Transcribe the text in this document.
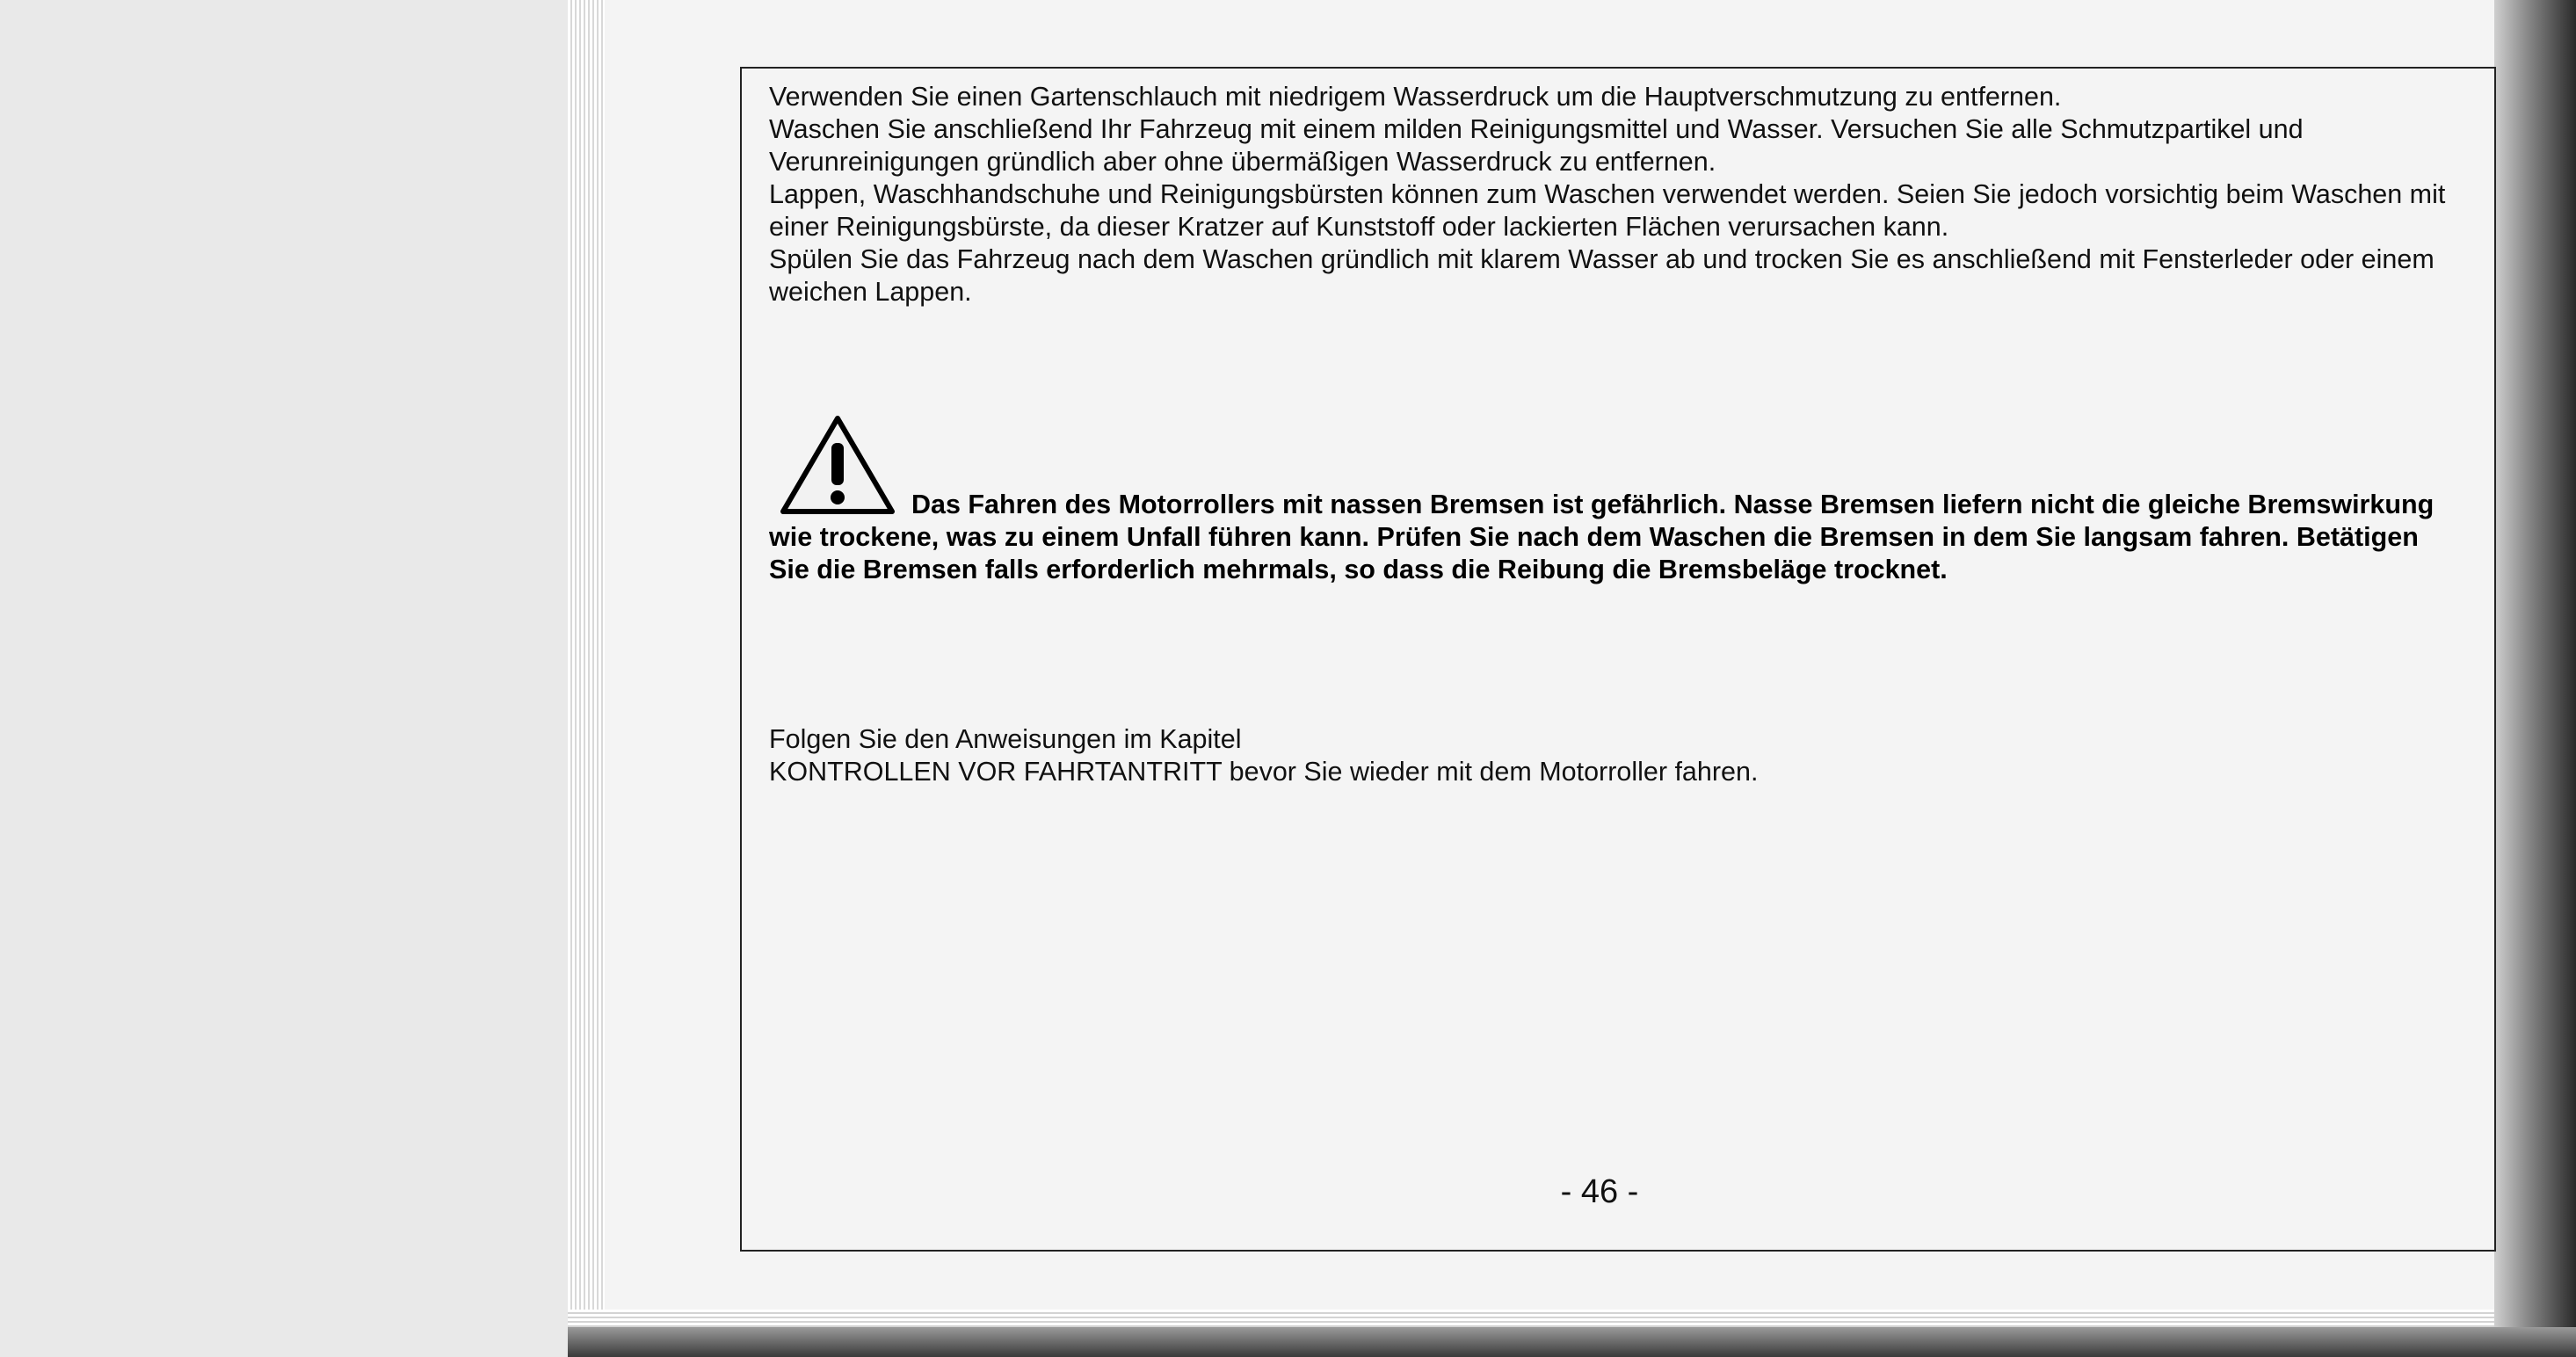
Verwenden Sie einen Gartenschlauch mit niedrigem Wasserdruck um die Hauptverschmutzung zu entfernen.

Waschen Sie anschließend Ihr Fahrzeug mit einem milden Reinigungsmittel und Wasser. Versuchen Sie alle Schmutzpartikel und Verunreinigungen gründlich aber ohne übermäßigen Wasserdruck zu entfernen.

Lappen, Waschhandschuhe und Reinigungsbürsten können zum Waschen verwendet werden. Seien Sie jedoch vorsichtig beim Waschen mit einer Reinigungsbürste, da dieser Kratzer auf Kunststoff oder lackierten Flächen verursachen kann.

Spülen Sie das Fahrzeug nach dem Waschen gründlich mit klarem Wasser ab und trocken Sie es anschließend mit Fensterleder oder einem weichen Lappen.

Das Fahren des Motorrollers mit nassen Bremsen ist gefährlich. Nasse Bremsen liefern nicht die gleiche Bremswirkung wie trockene, was zu einem Unfall führen kann. Prüfen Sie nach dem Waschen die Bremsen in dem Sie langsam fahren. Betätigen Sie die Bremsen falls erforderlich mehrmals, so dass die Reibung die Bremsbeläge trocknet.

Folgen Sie den Anweisungen im Kapitel

KONTROLLEN VOR FAHRTANTRITT bevor Sie wieder mit dem Motorroller fahren.

- 46 -
